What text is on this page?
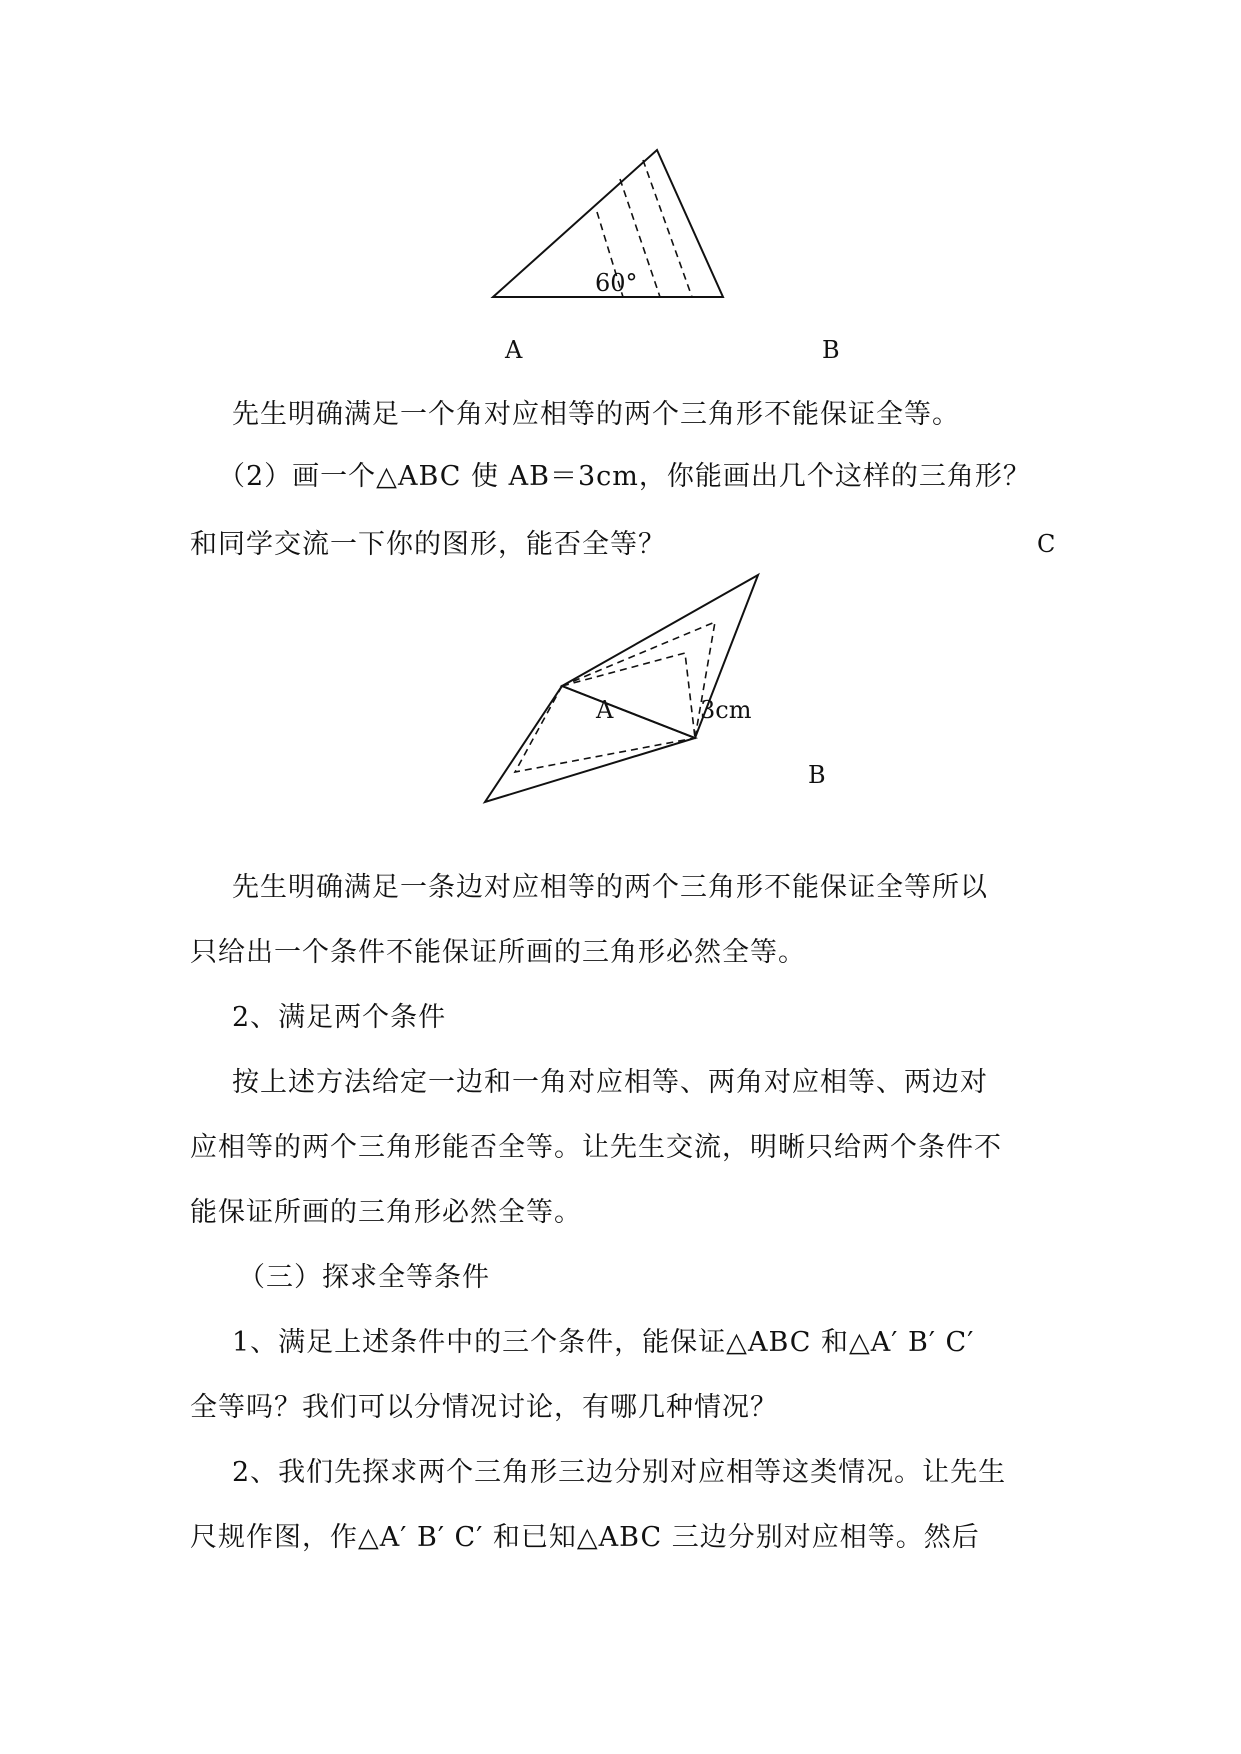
60°
A	B
先生明确满足一个角对应相等的两个三角形不能保证全等。
（2）画一个△ABC 使 AB＝3cm，你能画出几个这样的三角形？
和同学交流一下你的图形，能否全等？	C
A	3cm
B
先生明确满足一条边对应相等的两个三角形不能保证全等所以
只给出一个条件不能保证所画的三角形必然全等。
2、满足两个条件
按上述方法给定一边和一角对应相等、两角对应相等、两边对
应相等的两个三角形能否全等。让先生交流，明晰只给两个条件不
能保证所画的三角形必然全等。
（三）探求全等条件
1、满足上述条件中的三个条件，能保证△ABC 和△A′ B′ C′
全等吗？我们可以分情况讨论，有哪几种情况？
2、我们先探求两个三角形三边分别对应相等这类情况。让先生
尺规作图，作△A′ B′ C′ 和已知△ABC 三边分别对应相等。然后
